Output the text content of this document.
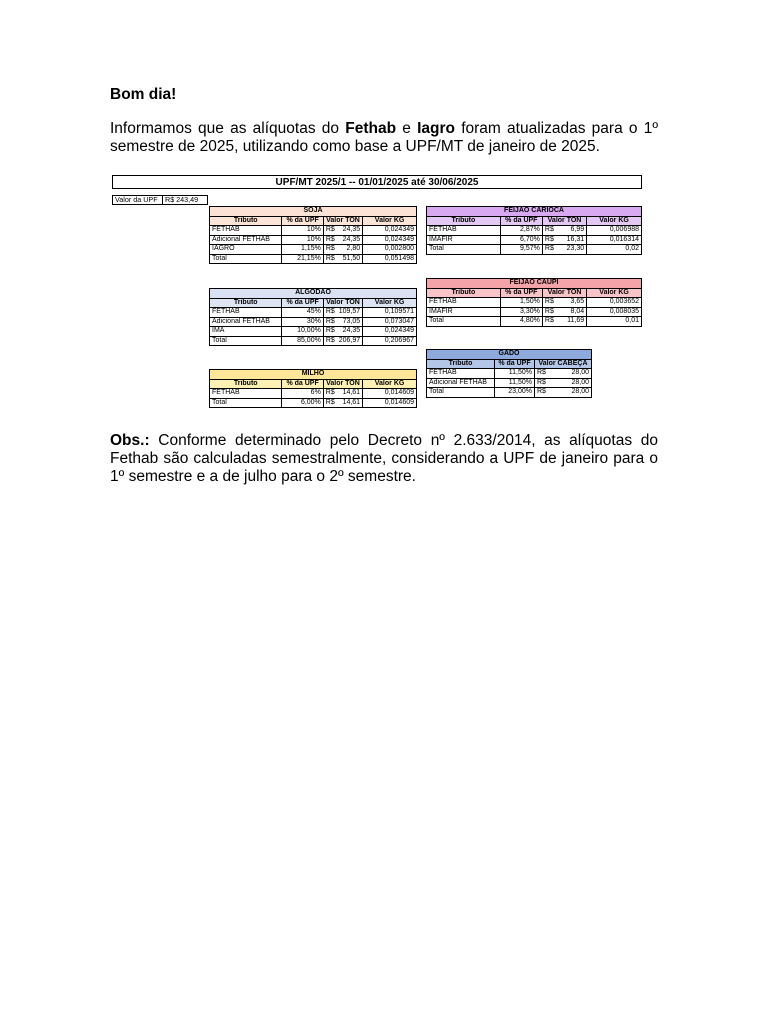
Bom dia!
Informamos que as alíquotas do Fethab e Iagro foram atualizadas para o 1º semestre de 2025, utilizando como base a UPF/MT de janeiro de 2025.
UPF/MT 2025/1 -- 01/01/2025 até 30/06/2025
Valor da UPF	R$ 243,49
SOJA				
Tributo	% da UPF	Valor TON		Valor KG
FETHAB	10%	R$	24,35	0,024349
Adicional FETHAB	10%	R$	24,35	0,024349
IAGRO	1,15%	R$	2,80	0,002800
Total	21,15%	R$	51,50	0,051498
FEIJÃO CARIOCA				
Tributo	% da UPF	Valor TON		Valor KG
FETHAB	2,87%	R$	6,99	0,006988
IMAFIR	6,70%	R$	16,31	0,016314
Total	9,57%	R$	23,30	0,02
FEIJÃO CAUPI				
Tributo	% da UPF	Valor TON		Valor KG
FETHAB	1,50%	R$	3,65	0,003652
IMAFIR	3,30%	R$	8,04	0,008035
Total	4,80%	R$	11,69	0,01
ALGODÃO				
Tributo	% da UPF	Valor TON		Valor KG
FETHAB	45%	R$	109,57	0,109571
Adicional FETHAB	30%	R$	73,05	0,073047
IMA	10,00%	R$	24,35	0,024349
Total	85,00%	R$	206,97	0,206967
GADO			
Tributo	% da UPF	Valor CABEÇA	
FETHAB	11,50%	R$	28,00
Adicional FETHAB	11,50%	R$	28,00
Total	23,00%	R$	28,00
MILHO				
Tributo	% da UPF	Valor TON		Valor KG
FETHAB	6%	R$	14,61	0,014609
Total	6,00%	R$	14,61	0,014609
Obs.: Conforme determinado pelo Decreto nº 2.633/2014, as alíquotas do Fethab são calculadas semestralmente, considerando a UPF de janeiro para o 1º semestre e a de julho para o 2º semestre.
